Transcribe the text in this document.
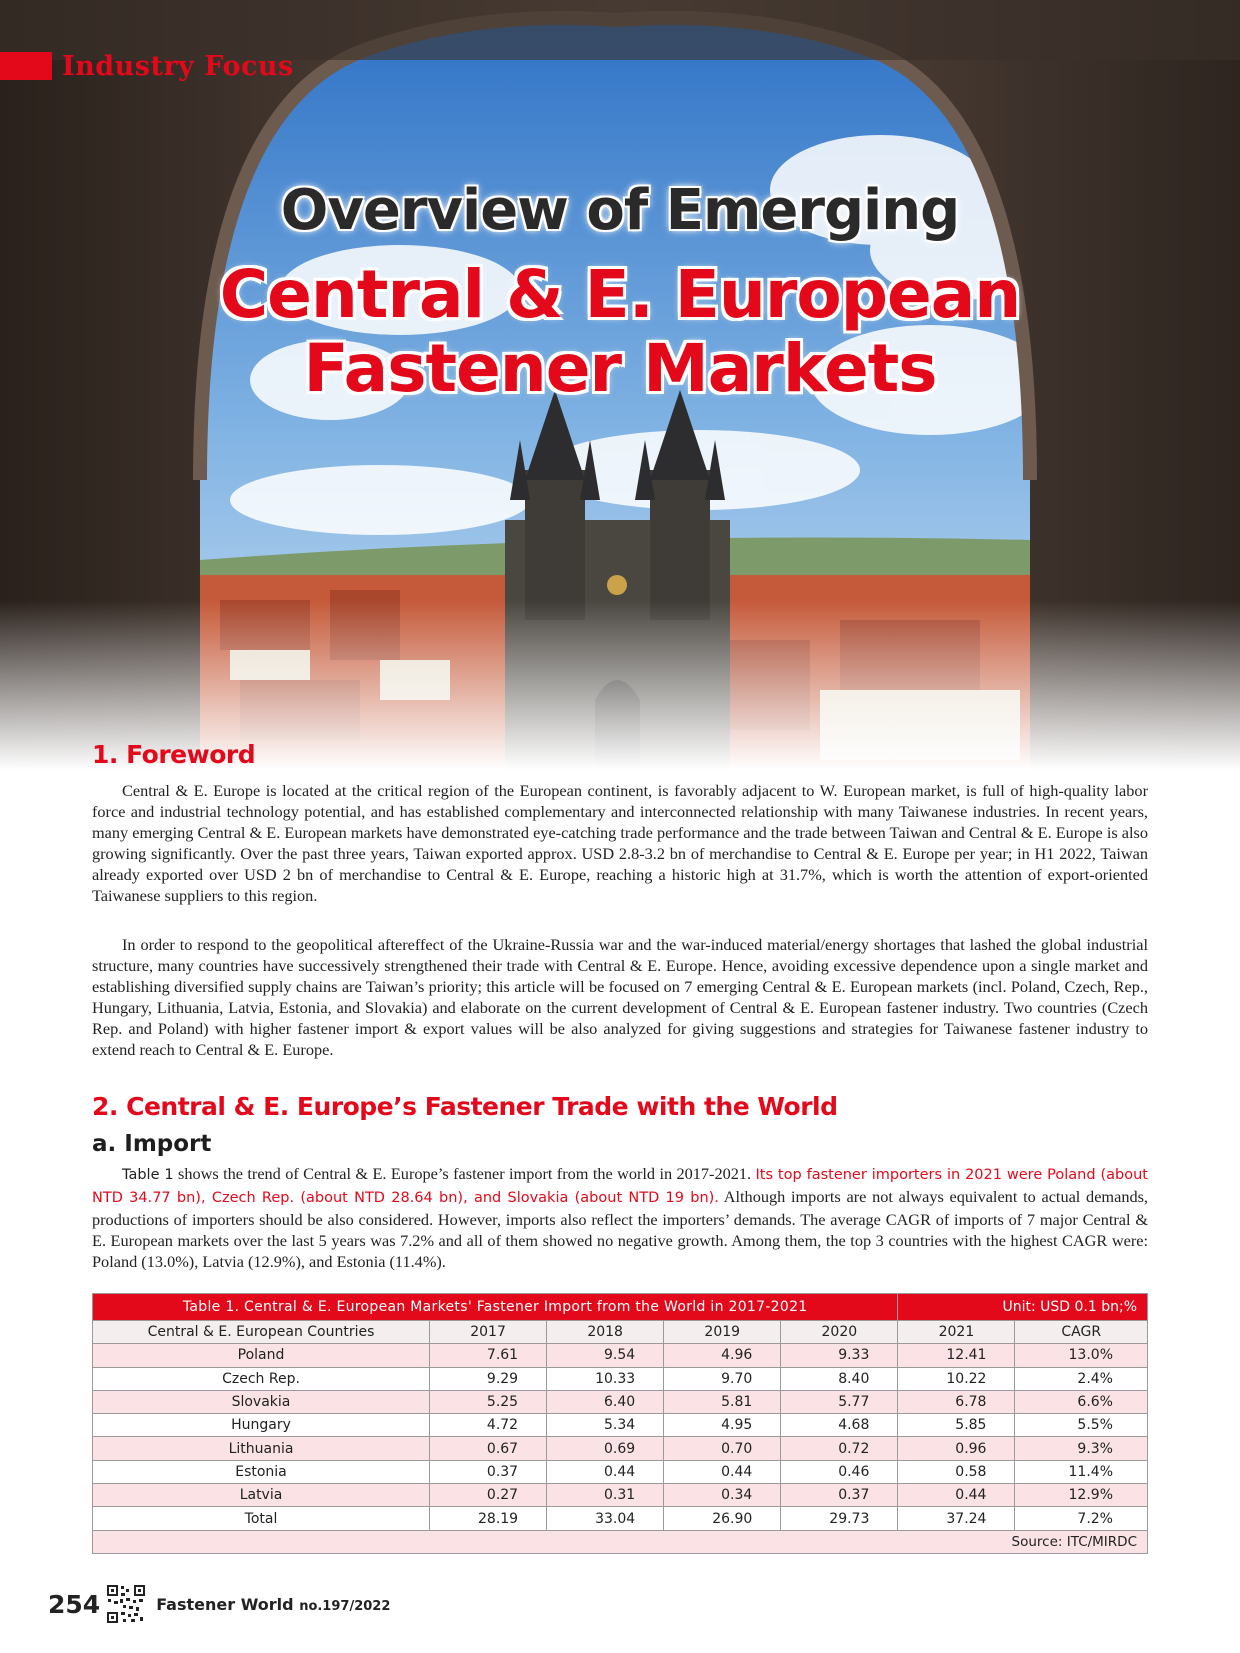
Industry Focus
Overview of Emerging
Central & E. European
Fastener Markets
1. Foreword

Central & E. Europe is located at the critical region of the European continent, is favorably adjacent to W. European market, is full of high-quality labor force and industrial technology potential, and has established complementary and interconnected relationship with many Taiwanese industries. In recent years, many emerging Central & E. European markets have demonstrated eye-catching trade performance and the trade between Taiwan and Central & E. Europe is also growing significantly. Over the past three years, Taiwan exported approx. USD 2.8-3.2 bn of merchandise to Central & E. Europe per year; in H1 2022, Taiwan already exported over USD 2 bn of merchandise to Central & E. Europe, reaching a historic high at 31.7%, which is worth the attention of export-oriented Taiwanese suppliers to this region.

In order to respond to the geopolitical aftereffect of the Ukraine-Russia war and the war-induced material/energy shortages that lashed the global industrial structure, many countries have successively strengthened their trade with Central & E. Europe. Hence, avoiding excessive dependence upon a single market and establishing diversified supply chains are Taiwan’s priority; this article will be focused on 7 emerging Central & E. European markets (incl. Poland, Czech, Rep., Hungary, Lithuania, Latvia, Estonia, and Slovakia) and elaborate on the current development of Central & E. European fastener industry. Two countries (Czech Rep. and Poland) with higher fastener import & export values will be also analyzed for giving suggestions and strategies for Taiwanese fastener industry to extend reach to Central & E. Europe.

2. Central & E. Europe’s Fastener Trade with the World
a. Import

Table 1 shows the trend of Central & E. Europe’s fastener import from the world in 2017-2021. Its top fastener importers in 2021 were Poland (about NTD 34.77 bn), Czech Rep. (about NTD 28.64 bn), and Slovakia (about NTD 19 bn). Although imports are not always equivalent to actual demands, productions of importers should be also considered. However, imports also reflect the importers’ demands. The average CAGR of imports of 7 major Central & E. European markets over the last 5 years was 7.2% and all of them showed no negative growth. Among them, the top 3 countries with the highest CAGR were: Poland (13.0%), Latvia (12.9%), and Estonia (11.4%).

Table 1. Central & E. European Markets' Fastener Import from the World in 2017-2021					Unit: USD 0.1 bn;%	
Central & E. European Countries	2017	2018	2019	2020	2021	CAGR
Poland	7.61	9.54	4.96	9.33	12.41	13.0%
Czech Rep.	9.29	10.33	9.70	8.40	10.22	2.4%
Slovakia	5.25	6.40	5.81	5.77	6.78	6.6%
Hungary	4.72	5.34	4.95	4.68	5.85	5.5%
Lithuania	0.67	0.69	0.70	0.72	0.96	9.3%
Estonia	0.37	0.44	0.44	0.46	0.58	11.4%
Latvia	0.27	0.31	0.34	0.37	0.44	12.9%
Total	28.19	33.04	26.90	29.73	37.24	7.2%
Source: ITC/MIRDC						
254	Fastener World no.197/2022
